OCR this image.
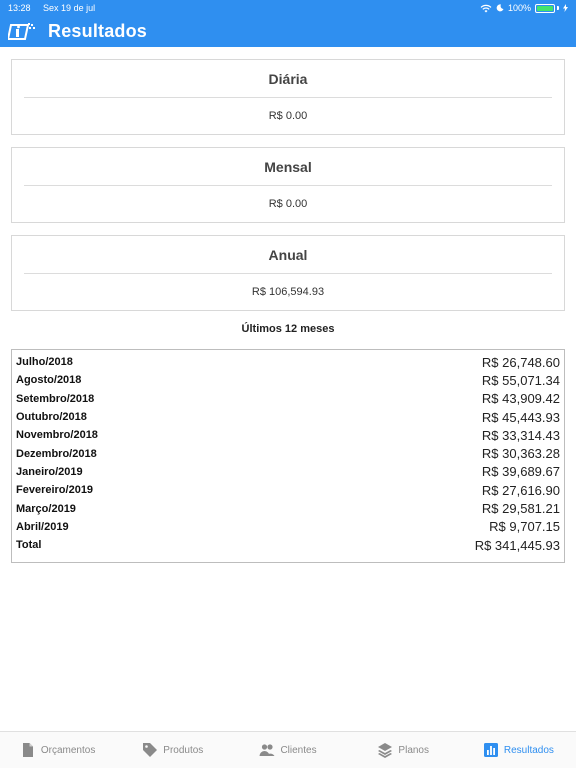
13:28 Sex 19 de jul	100%
Resultados
Diária
R$ 0.00
Mensal
R$ 0.00
Anual
R$ 106,594.93
Últimos 12 meses
Julho/2018	R$ 26,748.60
Agosto/2018	R$ 55,071.34
Setembro/2018	R$ 43,909.42
Outubro/2018	R$ 45,443.93
Novembro/2018	R$ 33,314.43
Dezembro/2018	R$ 30,363.28
Janeiro/2019	R$ 39,689.67
Fevereiro/2019	R$ 27,616.90
Março/2019	R$ 29,581.21
Abril/2019	R$ 9,707.15
Total	R$ 341,445.93
Orçamentos	Produtos	Clientes	Planos	Resultados
